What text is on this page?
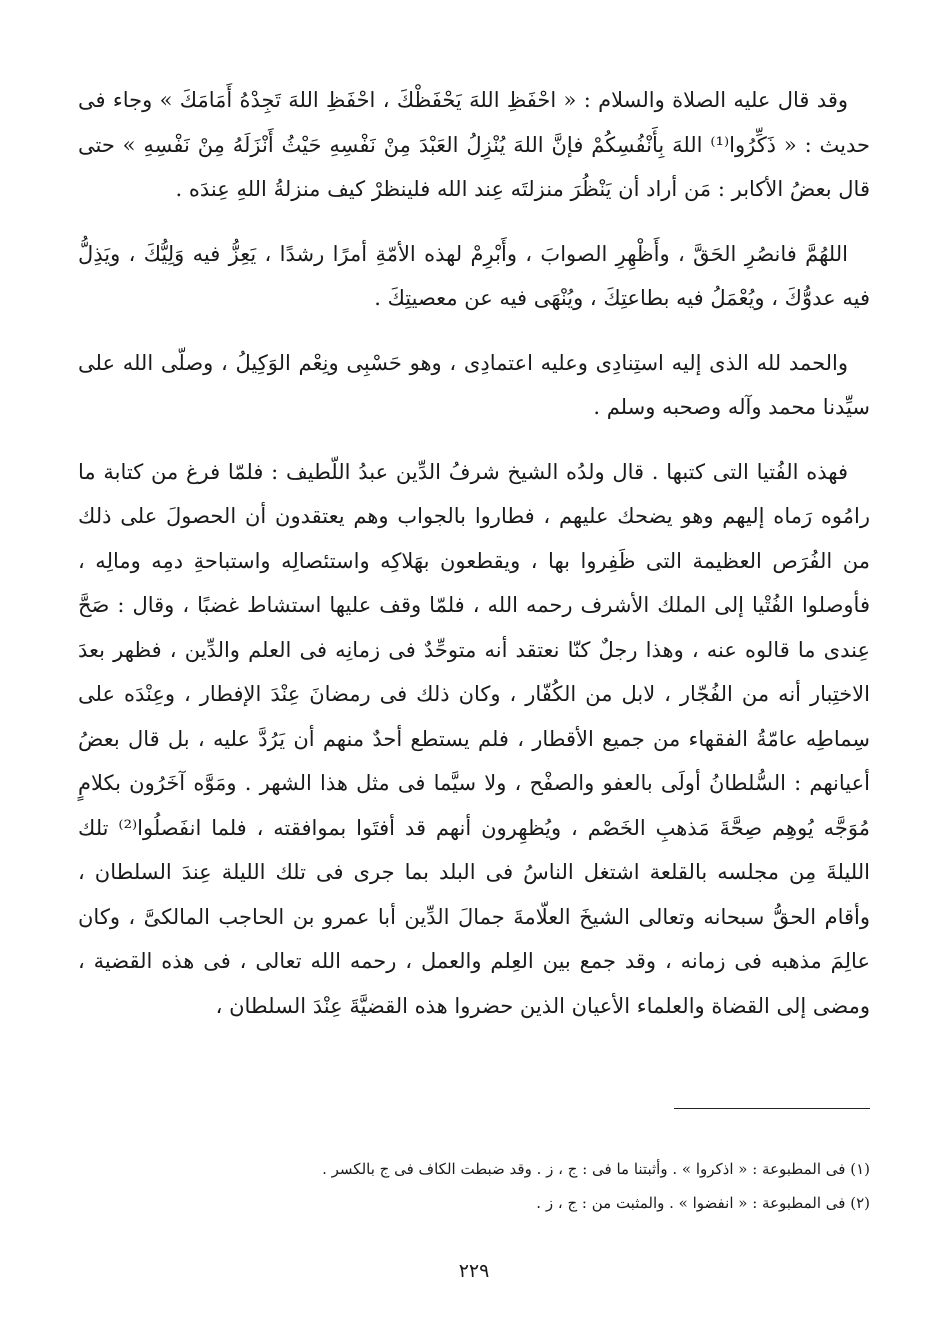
وقد قال عليه الصلاة والسلام : « احْفَظِ اللهَ يَحْفَظْكَ ، احْفَظِ اللهَ تَجِدْهُ أَمَامَكَ » وجاء فى حديث : « ذَكِّرُوا⁽¹⁾ اللهَ بِأَنْفُسِكُمْ فإنَّ اللهَ يُنْزِلُ العَبْدَ مِنْ نَفْسِهِ حَيْثُ أَنْزَلَهُ مِنْ نَفْسِهِ » حتى قال بعضُ الأكابر : مَن أراد أن يَنْظُرَ منزلتَه عِند الله فلينظرْ كيف منزلةُ اللهِ عِندَه .

اللهُمَّ فانصُرِ الحَقَّ ، وأَظْهِرِ الصوابَ ، وأَبْرِمْ لهذه الأمّةِ أمرًا رشدًا ، يَعِزُّ فيه وَلِيُّكَ ، ويَذِلُّ فيه عدوُّكَ ، ويُعْمَلُ فيه بطاعتِكَ ، ويُنْهَى فيه عن معصيتِكَ .

والحمد لله الذى إليه استِنادِى وعليه اعتمادِى ، وهو حَسْبِى ونِعْم الوَكِيلُ ، وصلّى الله على سيِّدنا محمد وآله وصحبه وسلم .

فهذه الفُتيا التى كتبها . قال ولدُه الشيخ شرفُ الدِّين عبدُ اللّطيف : فلمّا فرغ من كتابة ما رامُوه رَماه إليهم وهو يضحك عليهم ، فطاروا بالجواب وهم يعتقدون أن الحصولَ على ذلك من الفُرَص العظيمة التى ظَفِروا بها ، ويقطعون بهَلاكِه واستئصالِه واستباحةِ دمِه ومالِه ، فأوصلوا الفُتْيا إلى الملك الأشرف رحمه الله ، فلمّا وقف عليها استشاط غضبًا ، وقال : صَحَّ عِندى ما قالوه عنه ، وهذا رجلٌ كنّا نعتقد أنه متوحِّدٌ فى زمانِه فى العلم والدِّين ، فظهر بعدَ الاختِبار أنه من الفُجّار ، لابل من الكُفّار ، وكان ذلك فى رمضانَ عِنْدَ الإفطار ، وعِنْدَه على سِماطِه عامّةُ الفقهاء من جميع الأقطار ، فلم يستطع أحدٌ منهم أن يَرُدَّ عليه ، بل قال بعضُ أعيانهم : السُّلطانُ أولَى بالعفو والصفْح ، ولا سيَّما فى مثل هذا الشهر . ومَوَّه آخَرُون بكلامٍ مُوَجَّه يُوهِم صِحَّةَ مَذهبِ الخَصْم ، ويُظهِرون أنهم قد أفتَوا بموافقته ، فلما انفَصلُوا⁽²⁾ تلك الليلةَ مِن مجلسه بالقلعة اشتغل الناسُ فى البلد بما جرى فى تلك الليلة عِندَ السلطان ، وأقام الحقُّ سبحانه وتعالى الشيخَ العلّامةَ جمالَ الدِّين أبا عمرو بن الحاجب المالكىَّ ، وكان عالِمَ مذهبه فى زمانه ، وقد جمع بين العِلم والعمل ، رحمه الله تعالى ، فى هذه القضية ، ومضى إلى القضاة والعلماء الأعيان الذين حضروا هذه القضيَّةَ عِنْدَ السلطان ،

(١) فى المطبوعة : « اذكروا » . وأثبتنا ما فى : ج ، ز . وقد ضبطت الكاف فى ج بالكسر .

(٢) فى المطبوعة : « انفضوا » . والمثبت من : ج ، ز .

٢٢٩
